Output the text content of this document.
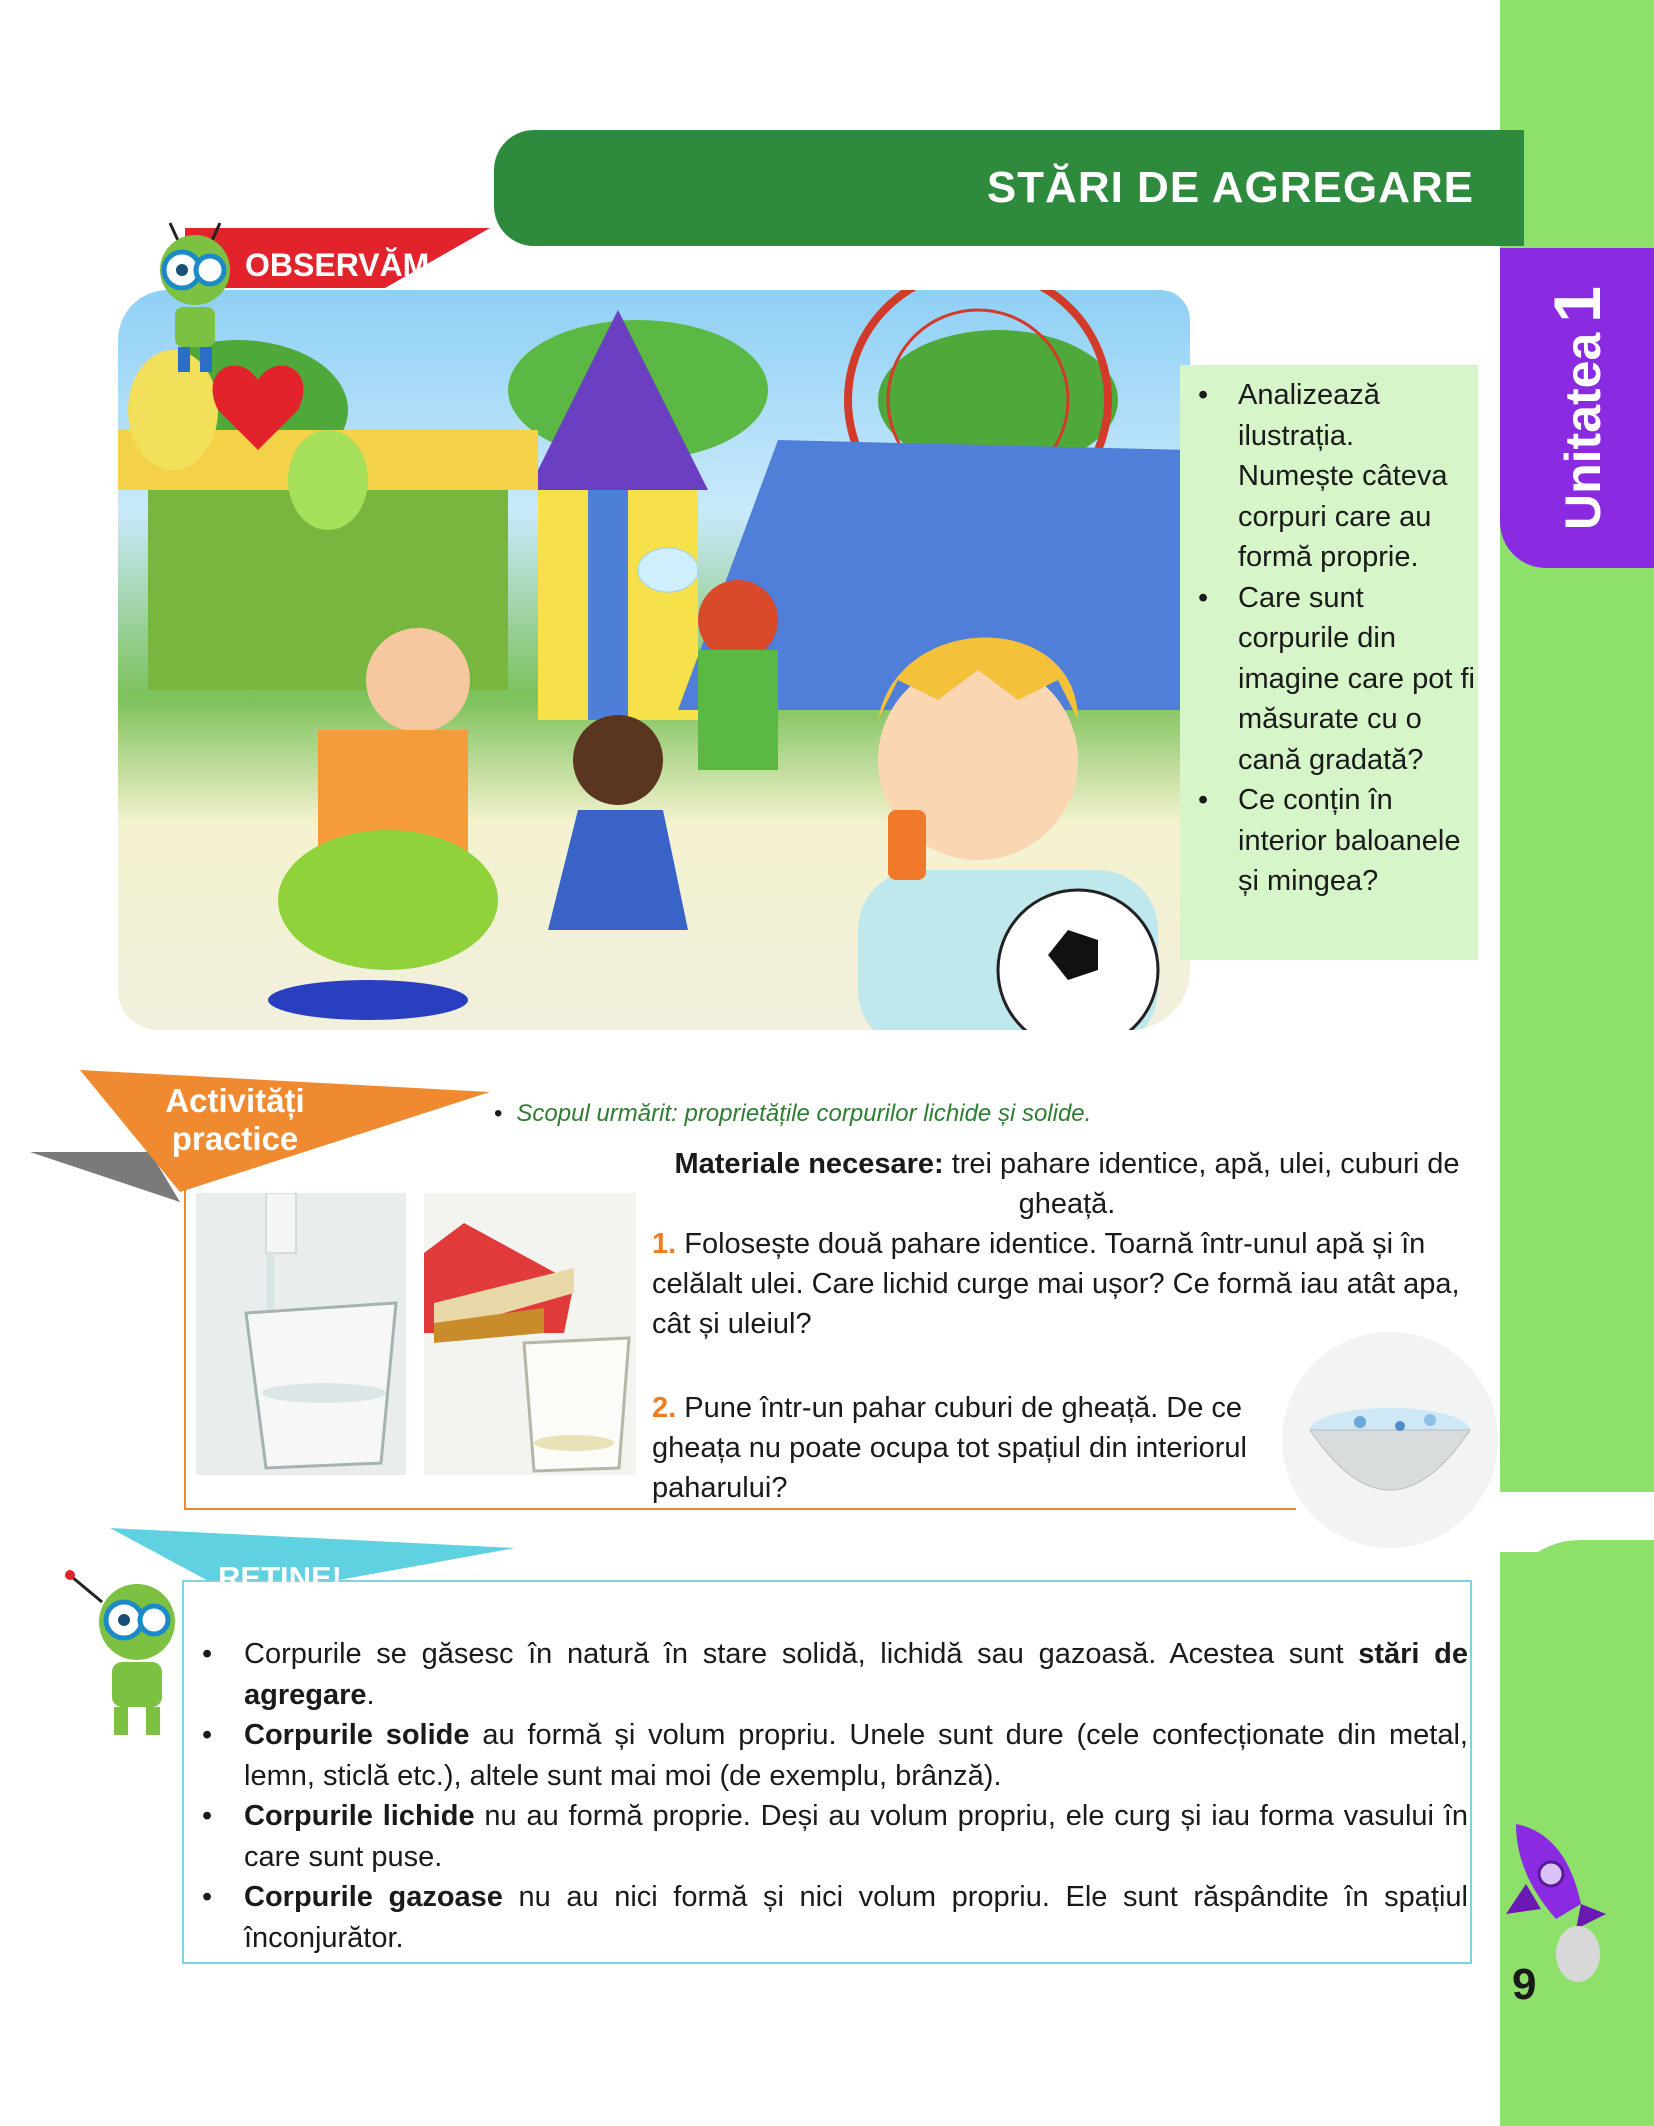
Unitatea1
STĂRI DE AGREGARE
OBSERVĂM
• Analizează ilustrația. Numește câteva corpuri care au formă proprie.
• Care sunt corpurile din imagine care pot fi măsurate cu o cană gradată?
• Ce conțin în interior baloanele și mingea?
Activități
practice
• Scopul urmărit: proprietățile corpurilor lichide și solide.
Materiale necesare: trei pahare identice, apă, ulei, cuburi de gheață.
1. Folosește două pahare identice. Toarnă într-unul apă și în celălalt ulei. Care lichid curge mai ușor? Ce formă iau atât apa, cât și uleiul?
2. Pune într-un pahar cuburi de gheață. De ce gheața nu poate ocupa tot spațiul din interiorul paharului?
REȚINE!
• Corpurile se găsesc în natură în stare solidă, lichidă sau gazoasă. Acestea sunt stări de agregare.
• Corpurile solide au formă și volum propriu. Unele sunt dure (cele confecționate din metal, lemn, sticlă etc.), altele sunt mai moi (de exemplu, brânză).
• Corpurile lichide nu au formă proprie. Deși au volum propriu, ele curg și iau forma vasului în care sunt puse.
• Corpurile gazoase nu au nici formă și nici volum propriu. Ele sunt răspândite în spațiul înconjurător.
9
